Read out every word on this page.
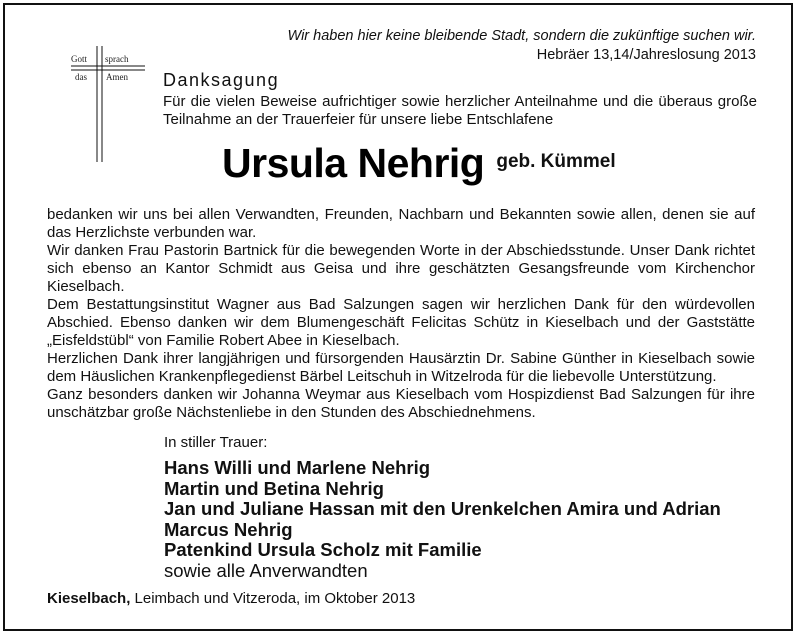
Wir haben hier keine bleibende Stadt, sondern die zukünftige suchen wir.
Hebräer 13,14/Jahreslosung 2013
Gott sprach
das Amen Danksagung
Für die vielen Beweise aufrichtiger sowie herzlicher Anteilnahme und die überaus große Teilnahme an der Trauerfeier für unsere liebe Entschlafene
Ursula Nehrig geb. Kümmel

bedanken wir uns bei allen Verwandten, Freunden, Nachbarn und Bekannten sowie allen, denen sie auf das Herzlichste verbunden war.

Wir danken Frau Pastorin Bartnick für die bewegenden Worte in der Abschiedsstunde. Unser Dank richtet sich ebenso an Kantor Schmidt aus Geisa und ihre geschätzten Gesangsfreunde vom Kirchenchor Kieselbach.

Dem Bestattungsinstitut Wagner aus Bad Salzungen sagen wir herzlichen Dank für den würdevollen Abschied. Ebenso danken wir dem Blumengeschäft Felicitas Schütz in Kieselbach und der Gaststätte „Eisfeldstübl“ von Familie Robert Abee in Kieselbach.

Herzlichen Dank ihrer langjährigen und fürsorgenden Hausärztin Dr. Sabine Günther in Kieselbach sowie dem Häuslichen Krankenpflegedienst Bärbel Leitschuh in Witzelroda für die liebevolle Unterstützung.

Ganz besonders danken wir Johanna Weymar aus Kieselbach vom Hospizdienst Bad Salzungen für ihre unschätzbar große Nächstenliebe in den Stunden des Abschiednehmens.

In stiller Trauer:
Hans Willi und Marlene Nehrig
Martin und Betina Nehrig
Jan und Juliane Hassan mit den Urenkelchen Amira und Adrian
Marcus Nehrig
Patenkind Ursula Scholz mit Familie
sowie alle Anverwandten
Kieselbach, Leimbach und Vitzeroda, im Oktober 2013
